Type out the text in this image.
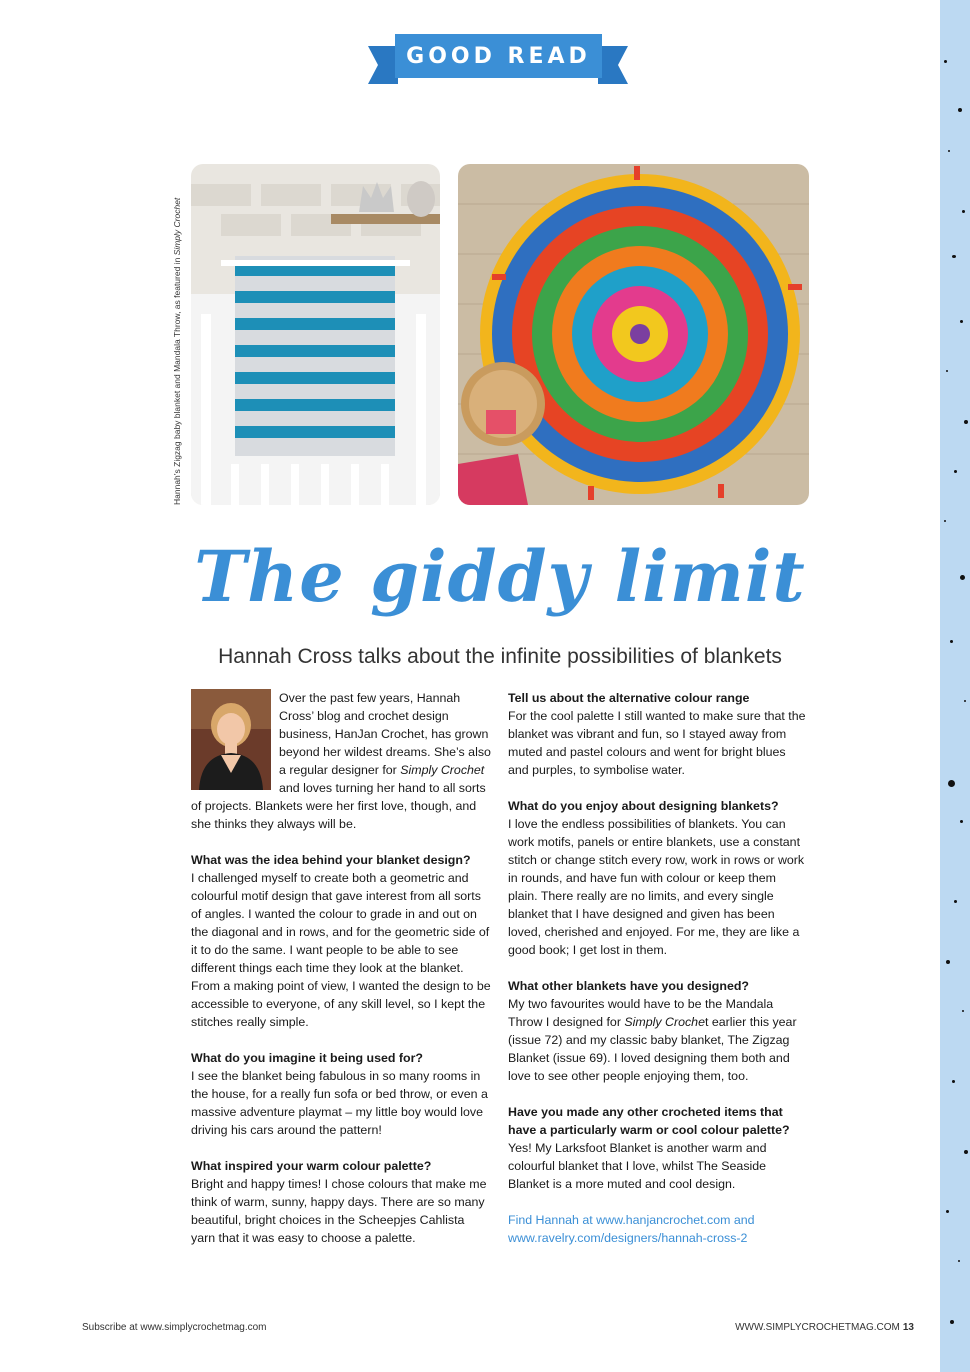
GOOD READ
Hannah’s Zigzag baby blanket and Mandala Throw, as featured in Simply Crochet
The giddy limit
Hannah Cross talks about the infinite possibilities of blankets

Over the past few years, Hannah Cross’ blog and crochet design business, HanJan Crochet, has grown beyond her wildest dreams. She’s also a regular designer for Simply Crochet and loves turning her hand to all sorts of projects. Blankets were her first love, though, and she thinks they always will be.

What was the idea behind your blanket design?

I challenged myself to create both a geometric and colourful motif design that gave interest from all sorts of angles. I wanted the colour to grade in and out on the diagonal and in rows, and for the geometric side of it to do the same. I want people to be able to see different things each time they look at the blanket. From a making point of view, I wanted the design to be accessible to everyone, of any skill level, so I kept the stitches really simple.

What do you imagine it being used for?

I see the blanket being fabulous in so many rooms in the house, for a really fun sofa or bed throw, or even a massive adventure playmat – my little boy would love driving his cars around the pattern!

What inspired your warm colour palette?

Bright and happy times! I chose colours that make me think of warm, sunny, happy days. There are so many beautiful, bright choices in the Scheepjes Cahlista yarn that it was easy to choose a palette.

Tell us about the alternative colour range

For the cool palette I still wanted to make sure that the blanket was vibrant and fun, so I stayed away from muted and pastel colours and went for bright blues and purples, to symbolise water.

What do you enjoy about designing blankets?

I love the endless possibilities of blankets. You can work motifs, panels or entire blankets, use a constant stitch or change stitch every row, work in rows or work in rounds, and have fun with colour or keep them plain. There really are no limits, and every single blanket that I have designed and given has been loved, cherished and enjoyed. For me, they are like a good book; I get lost in them.

What other blankets have you designed?

My two favourites would have to be the Mandala Throw I designed for Simply Crochet earlier this year (issue 72) and my classic baby blanket, The Zigzag Blanket (issue 69). I loved designing them both and love to see other people enjoying them, too.

Have you made any other crocheted items that have a particularly warm or cool colour palette?

Yes! My Larksfoot Blanket is another warm and colourful blanket that I love, whilst The Seaside Blanket is a more muted and cool design.

Find Hannah at www.hanjancrochet.com and www.ravelry.com/designers/hannah-cross-2

Subscribe at www.simplycrochetmag.com	WWW.SIMPLYCROCHETMAG.COM 13
